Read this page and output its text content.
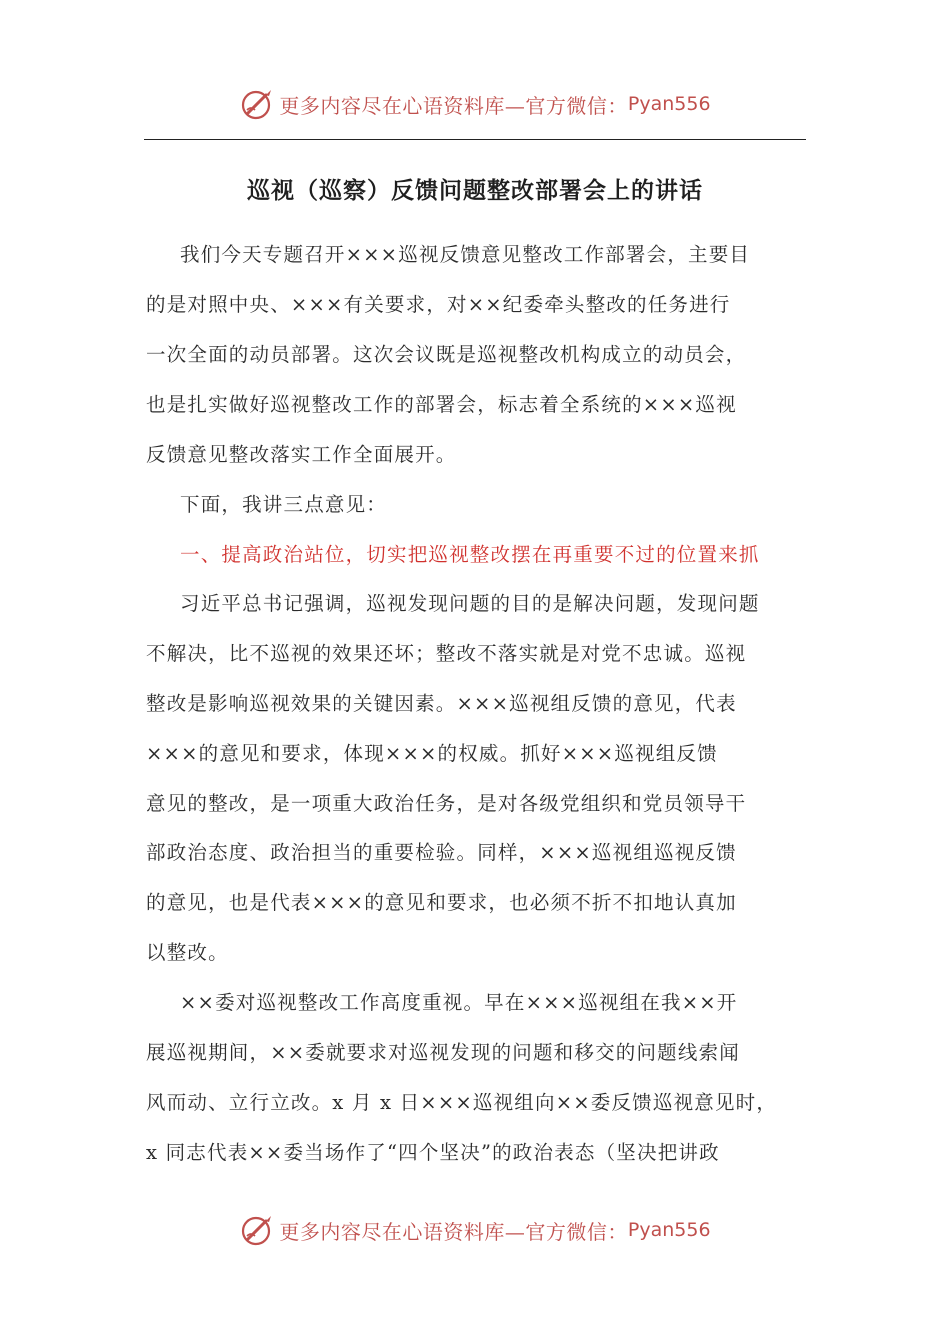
更多内容尽在心语资料库—官方微信： Pyan556
巡视（巡察）反馈问题整改部署会上的讲话
我们今天专题召开×××巡视反馈意见整改工作部署会，主要目
的是对照中央、×××有关要求，对××纪委牵头整改的任务进行
一次全面的动员部署。这次会议既是巡视整改机构成立的动员会，
也是扎实做好巡视整改工作的部署会，标志着全系统的×××巡视
反馈意见整改落实工作全面展开。
下面，我讲三点意见：
一、提高政治站位，切实把巡视整改摆在再重要不过的位置来抓
习近平总书记强调，巡视发现问题的目的是解决问题，发现问题
不解决，比不巡视的效果还坏；整改不落实就是对党不忠诚。巡视
整改是影响巡视效果的关键因素。×××巡视组反馈的意见，代表
×××的意见和要求，体现×××的权威。抓好×××巡视组反馈
意见的整改，是一项重大政治任务，是对各级党组织和党员领导干
部政治态度、政治担当的重要检验。同样，×××巡视组巡视反馈
的意见，也是代表×××的意见和要求，也必须不折不扣地认真加
以整改。
××委对巡视整改工作高度重视。早在×××巡视组在我××开
展巡视期间，××委就要求对巡视发现的问题和移交的问题线索闻
风而动、立行立改。x 月 x 日×××巡视组向××委反馈巡视意见时，
x 同志代表××委当场作了“四个坚决”的政治表态（坚决把讲政
更多内容尽在心语资料库—官方微信： Pyan556
